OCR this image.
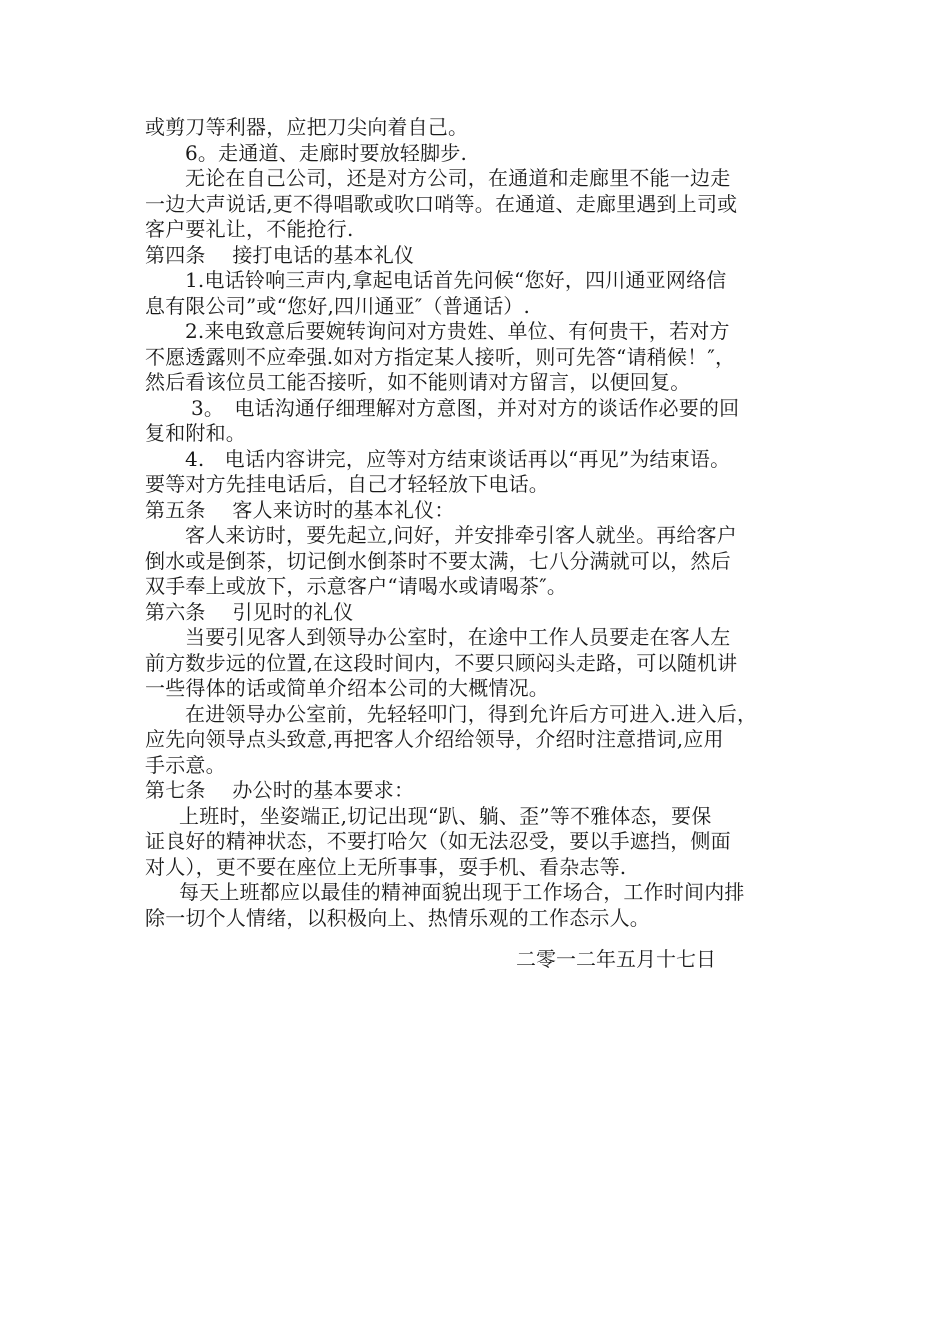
或剪刀等利器，应把刀尖向着自己。
6。走通道、走廊时要放轻脚步.
无论在自己公司，还是对方公司，在通道和走廊里不能一边走
一边大声说话,更不得唱歌或吹口哨等。在通道、走廊里遇到上司或
客户要礼让，不能抢行.
第四条　 接打电话的基本礼仪
1.电话铃响三声内,拿起电话首先问候“您好，四川通亚网络信
息有限公司”或“您好,四川通亚″（普通话）.
2.来电致意后要婉转询问对方贵姓、单位、有何贵干，若对方
不愿透露则不应牵强.如对方指定某人接听，则可先答“请稍候！″，
然后看该位员工能否接听，如不能则请对方留言，以便回复。
3。　电话沟通仔细理解对方意图，并对对方的谈话作必要的回
复和附和。
4.　电话内容讲完，应等对方结束谈话再以“再见”为结束语。
要等对方先挂电话后，自己才轻轻放下电话。
第五条　 客人来访时的基本礼仪：
客人来访时，要先起立,问好，并安排牵引客人就坐。再给客户
倒水或是倒茶，切记倒水倒茶时不要太满，七八分满就可以，然后
双手奉上或放下，示意客户“请喝水或请喝茶″。
第六条　 引见时的礼仪
当要引见客人到领导办公室时，在途中工作人员要走在客人左
前方数步远的位置,在这段时间内，不要只顾闷头走路，可以随机讲
一些得体的话或简单介绍本公司的大概情况。
在进领导办公室前，先轻轻叩门，得到允许后方可进入.进入后，
应先向领导点头致意,再把客人介绍给领导，介绍时注意措词,应用
手示意。
第七条　 办公时的基本要求：
上班时，坐姿端正,切记出现“趴、躺、歪”等不雅体态，要保
证良好的精神状态，不要打哈欠（如无法忍受，要以手遮挡，侧面
对人），更不要在座位上无所事事，耍手机、看杂志等.
每天上班都应以最佳的精神面貌出现于工作场合，工作时间内排
除一切个人情绪，以积极向上、热情乐观的工作态示人。
二零一二年五月十七日
